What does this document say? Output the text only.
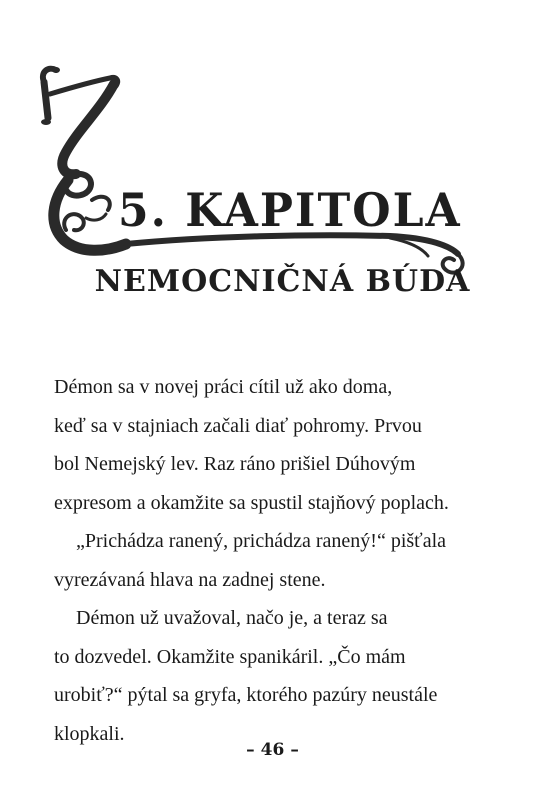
5. KAPITOLA
NEMOCNIČNÁ BÚDA
Démon sa v novej práci cítil už ako doma,
keď sa v stajniach začali diať pohromy. Prvou
bol Nemejský lev. Raz ráno prišiel Dúhovým
expresom a okamžite sa spustil stajňový poplach.
„Prichádza ranený, prichádza ranený!“ pišťala
vyrezávaná hlava na zadnej stene.
Démon už uvažoval, načo je, a teraz sa
to dozvedel. Okamžite spanikáril. „Čo mám
urobiť?“ pýtal sa gryfa, ktorého pazúry neustále
klopkali.
– 46 –
